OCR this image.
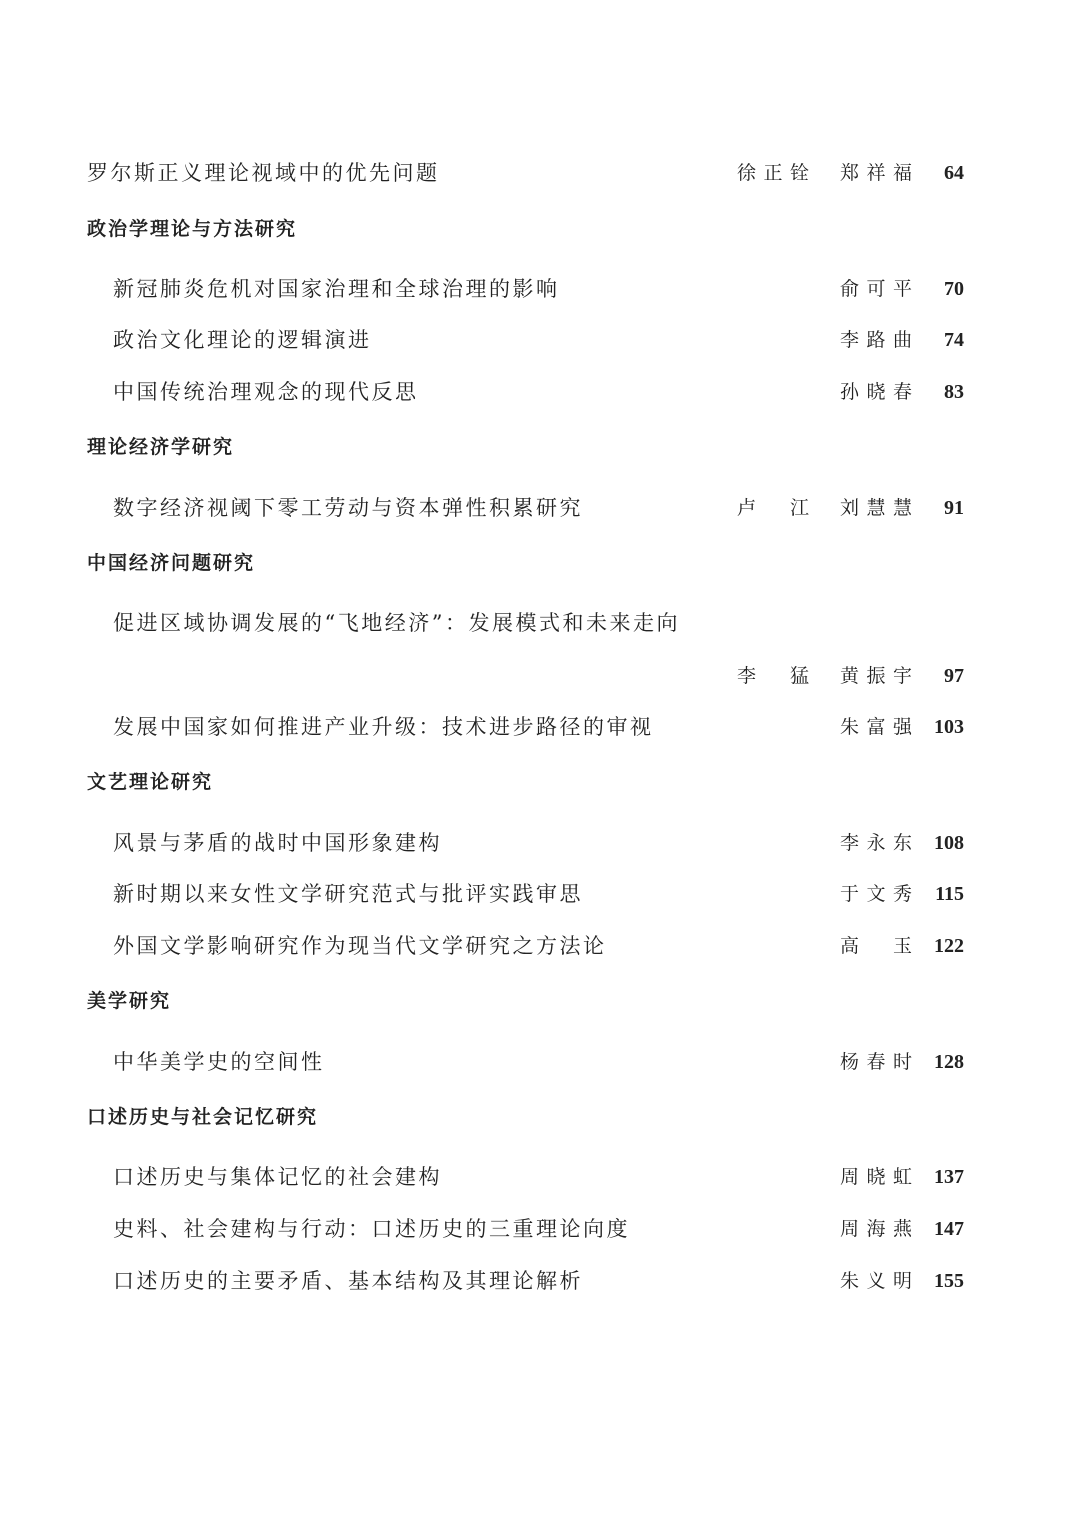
罗尔斯正义理论视域中的优先问题	徐 正 铨 郑 祥 福 64
政治学理论与方法研究
新冠肺炎危机对国家治理和全球治理的影响	俞 可 平 70
政治文化理论的逻辑演进	李 路 曲 74
中国传统治理观念的现代反思	孙 晓 春 83
理论经济学研究
数字经济视阈下零工劳动与资本弹性积累研究	卢 江 刘 慧 慧 91
中国经济问题研究
促进区域协调发展的“飞地经济”：发展模式和未来走向
李 猛 黄 振 宇 97
发展中国家如何推进产业升级：技术进步路径的审视	朱 富 强 103
文艺理论研究
风景与茅盾的战时中国形象建构	李 永 东 108
新时期以来女性文学研究范式与批评实践审思	于 文 秀 115
外国文学影响研究作为现当代文学研究之方法论	高 玉 122
美学研究
中华美学史的空间性	杨 春 时 128
口述历史与社会记忆研究
口述历史与集体记忆的社会建构	周 晓 虹 137
史料、社会建构与行动：口述历史的三重理论向度	周 海 燕 147
口述历史的主要矛盾、基本结构及其理论解析	朱 义 明 155
